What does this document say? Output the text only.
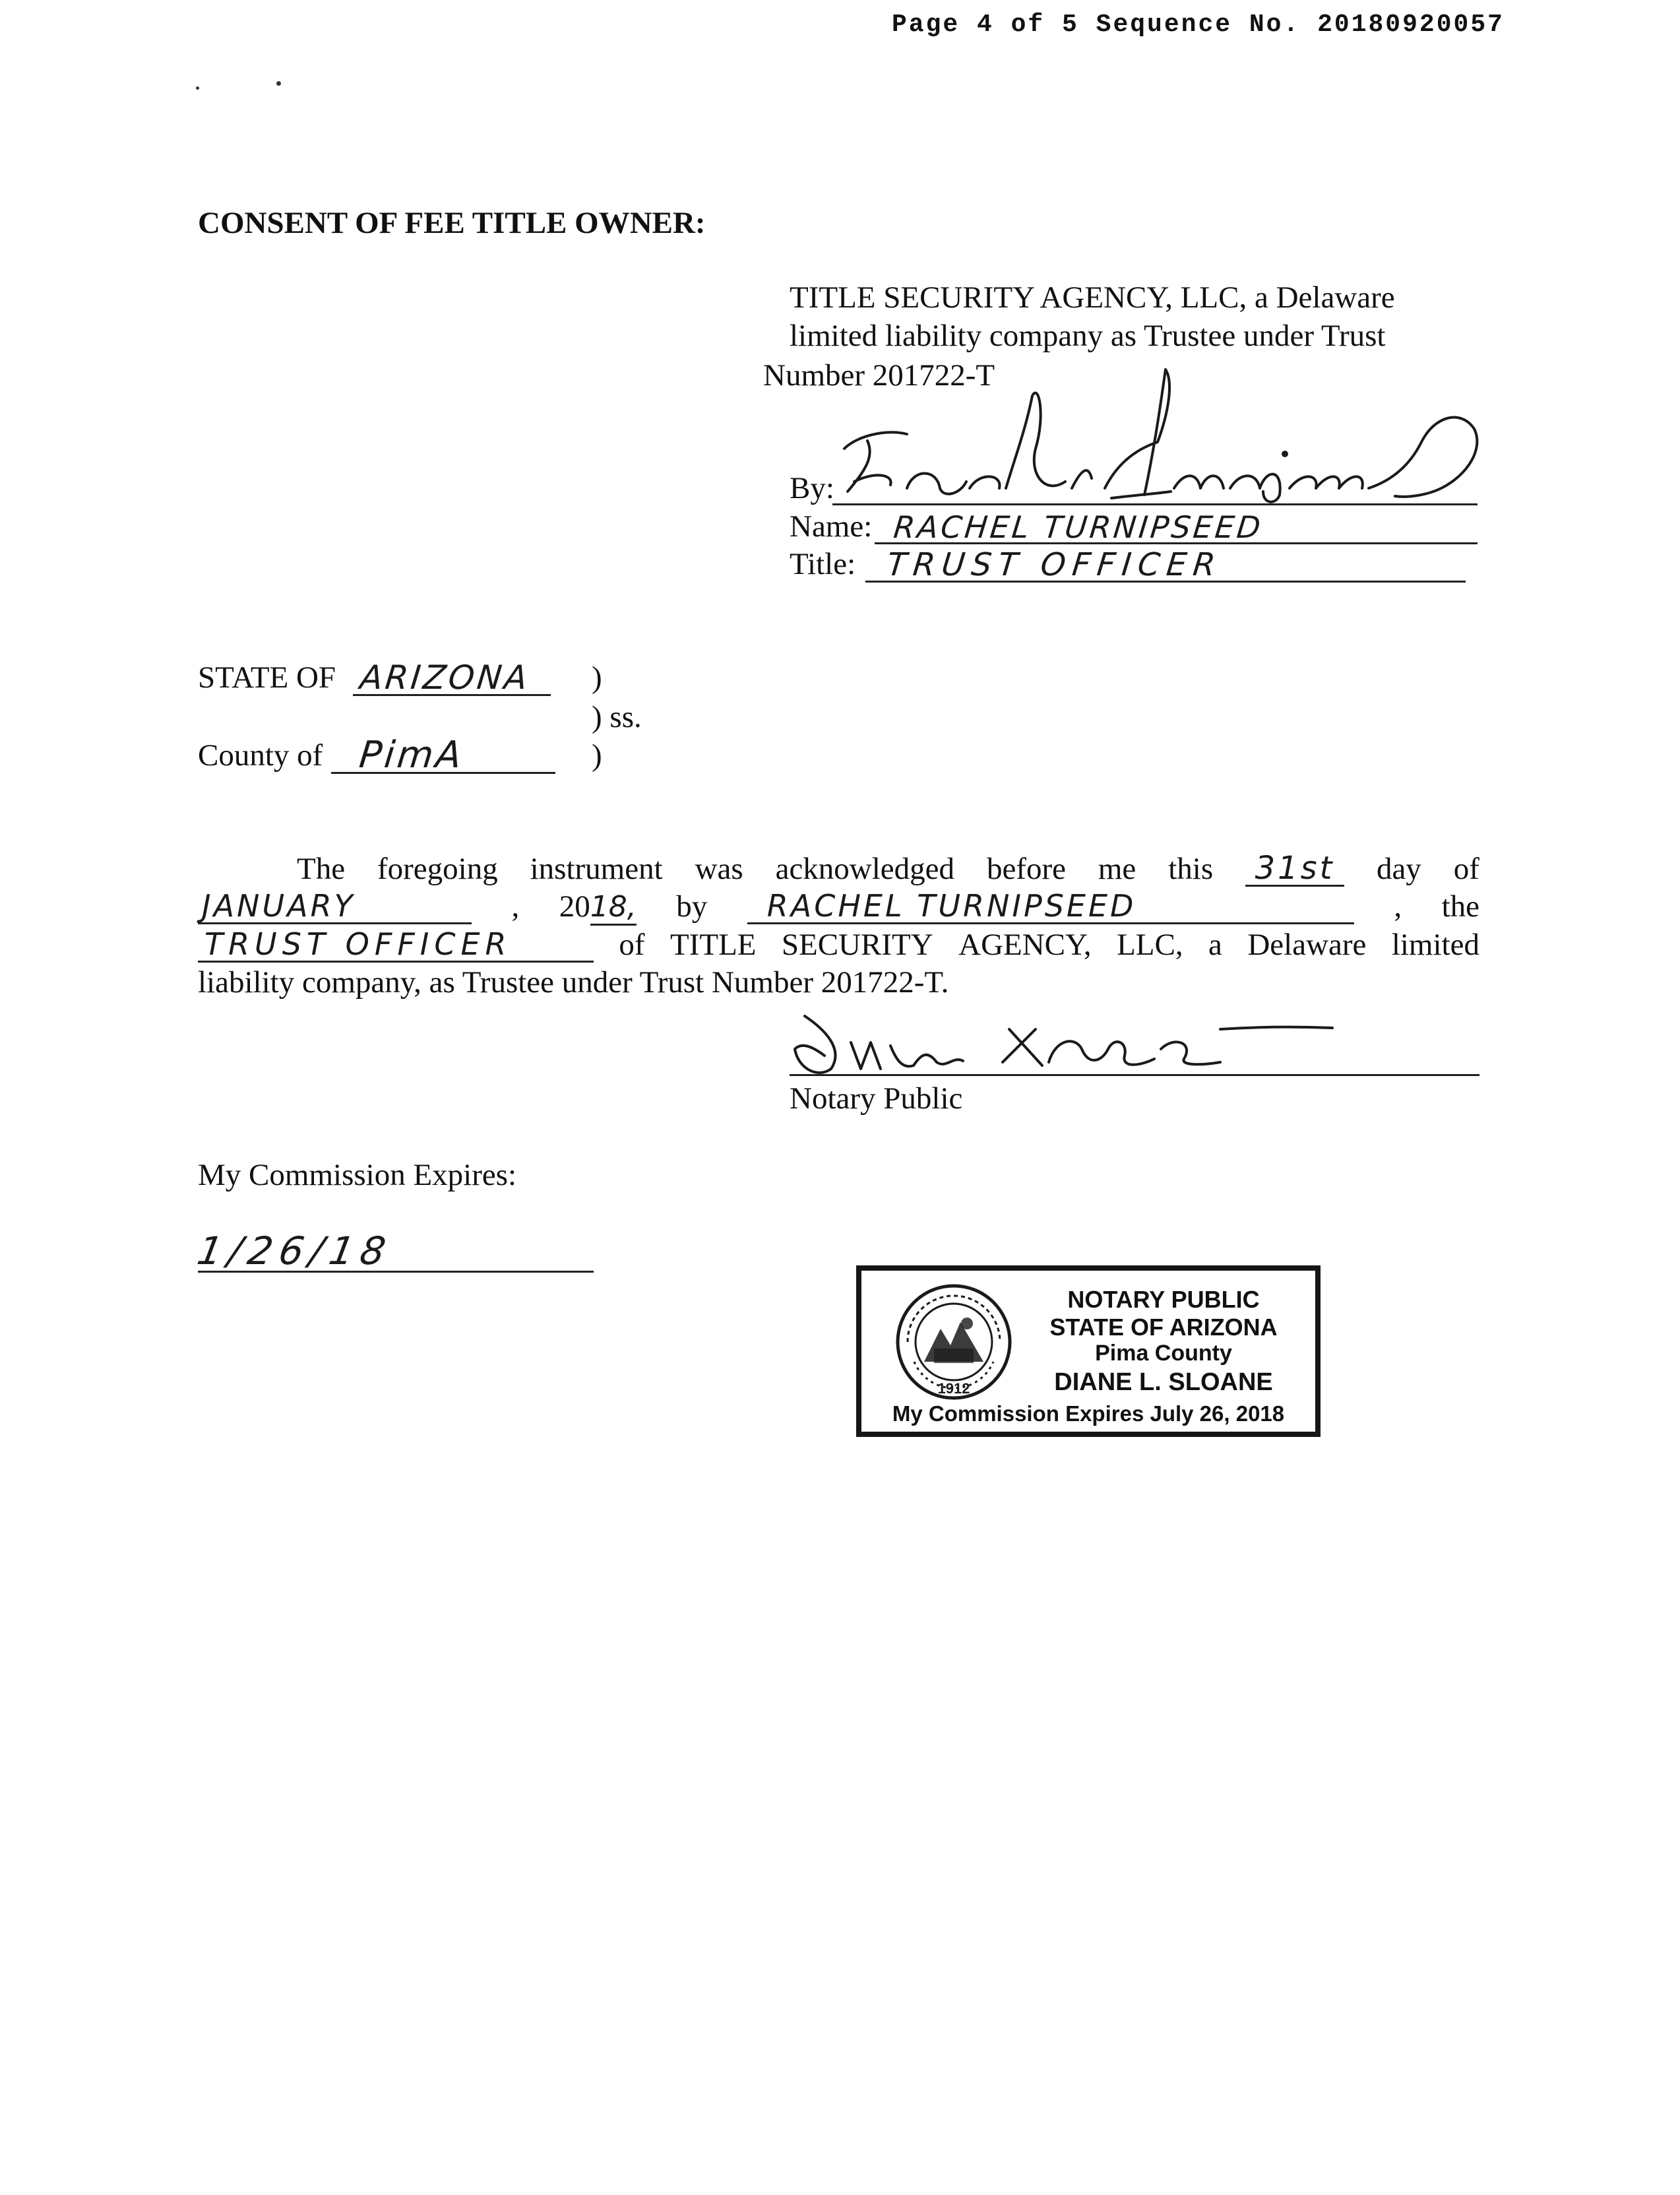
Page 4 of 5 Sequence No. 20180920057
CONSENT OF FEE TITLE OWNER:
TITLE SECURITY AGENCY, LLC, a Delaware
limited liability company as Trustee under Trust
Number 201722-T
By:
Name: RACHEL TURNIPSEED
Title: TRUST OFFICER
STATE OF ARIZONA )
) ss.
County of PimA	)
The foregoing instrument was acknowledged before me this	31st	day of
JANUARY	, 2018, by	RACHEL TURNIPSEED	, the
TRUST OFFICER	of TITLE SECURITY AGENCY, LLC, a Delaware limited
liability company, as Trustee under Trust Number 201722-T.
Notary Public
My Commission Expires:
1/26/18
1912
NOTARY PUBLIC
STATE OF ARIZONA
Pima County
DIANE L. SLOANE
My Commission Expires July 26, 2018
